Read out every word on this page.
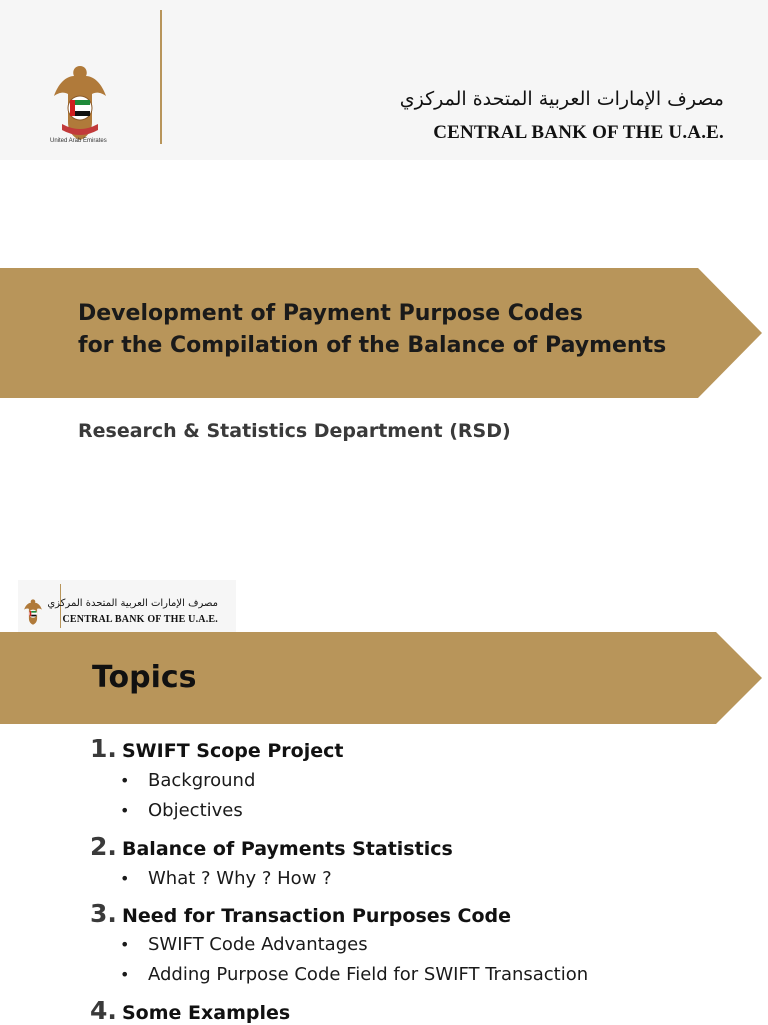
United Arab Emirates
مصرف الإمارات العربية المتحدة المركزي
CENTRAL BANK OF THE U.A.E.
Development of Payment Purpose Codes
for the Compilation of the Balance of Payments
Research & Statistics Department (RSD)
مصرف الإمارات العربية المتحدة المركزي
CENTRAL BANK OF THE U.A.E.
Topics
1. SWIFT Scope Project
• Background
• Objectives
2. Balance of Payments Statistics
• What ? Why ? How ?
3. Need for Transaction Purposes Code
• SWIFT Code Advantages
• Adding Purpose Code Field for SWIFT Transaction
4. Some Examples
